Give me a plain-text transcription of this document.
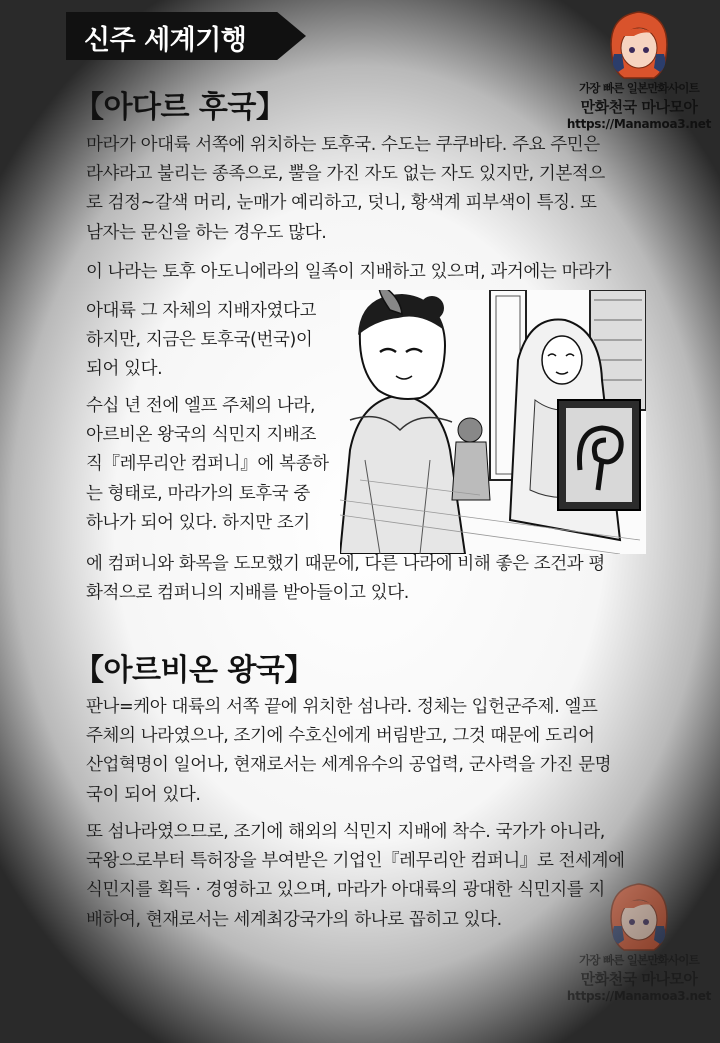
신주 세계기행
【아다르 후국】
마라가 아대륙 서쪽에 위치하는 토후국. 수도는 쿠쿠바타. 주요 주민은
라샤라고 불리는 종족으로, 뿔을 가진 자도 없는 자도 있지만, 기본적으
로 검정~갈색 머리, 눈매가 예리하고, 덧니, 황색계 피부색이 특징. 또
남자는 문신을 하는 경우도 많다.
이 나라는 토후 아도니에라의 일족이 지배하고 있으며, 과거에는 마라가
아대륙 그 자체의 지배자였다고
하지만, 지금은 토후국(번국)이
되어 있다.
수십 년 전에 엘프 주체의 나라,
아르비온 왕국의 식민지 지배조
직『레무리안 컴퍼니』에 복종하
는 형태로, 마라가의 토후국 중
하나가 되어 있다. 하지만 조기
에 컴퍼니와 화목을 도모했기 때문에, 다른 나라에 비해 좋은 조건과 평
화적으로 컴퍼니의 지배를 받아들이고 있다.
【아르비온 왕국】
판나=케아 대륙의 서쪽 끝에 위치한 섬나라. 정체는 입헌군주제. 엘프
주체의 나라였으나, 조기에 수호신에게 버림받고, 그것 때문에 도리어
산업혁명이 일어나, 현재로서는 세계유수의 공업력, 군사력을 가진 문명
국이 되어 있다.
또 섬나라였으므로, 조기에 해외의 식민지 지배에 착수. 국가가 아니라,
국왕으로부터 특허장을 부여받은 기업인『레무리안 컴퍼니』로 전세계에
식민지를 획득 · 경영하고 있으며, 마라가 아대륙의 광대한 식민지를 지
배하여, 현재로서는 세계최강국가의 하나로 꼽히고 있다.
가장 빠른 일본만화사이트
만화천국 마나모아
https://Manamoa3.net
가장 빠른 일본만화사이트
만화천국 마나모아
https://Manamoa3.net
